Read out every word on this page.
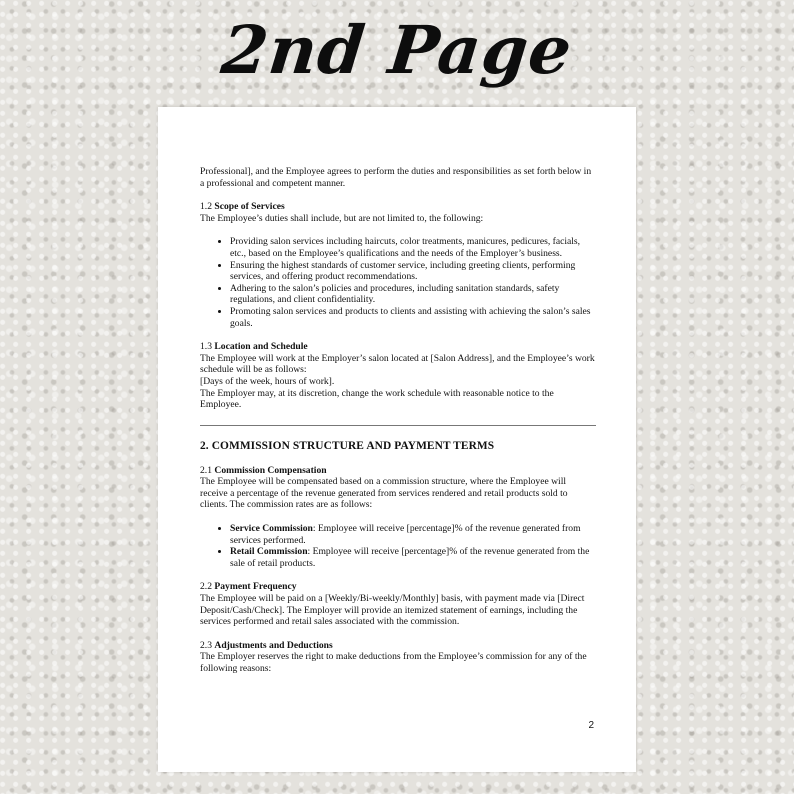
2nd Page

Professional], and the Employee agrees to perform the duties and responsibilities as set forth below in a professional and competent manner.

1.2 Scope of Services

The Employee’s duties shall include, but are not limited to, the following:

• Providing salon services including haircuts, color treatments, manicures, pedicures, facials, etc., based on the Employee’s qualifications and the needs of the Employer’s business.
• Ensuring the highest standards of customer service, including greeting clients, performing services, and offering product recommendations.
• Adhering to the salon’s policies and procedures, including sanitation standards, safety regulations, and client confidentiality.
• Promoting salon services and products to clients and assisting with achieving the salon’s sales goals.

1.3 Location and Schedule

The Employee will work at the Employer’s salon located at [Salon Address], and the Employee’s work schedule will be as follows:

[Days of the week, hours of work].

The Employer may, at its discretion, change the work schedule with reasonable notice to the Employee.

2. COMMISSION STRUCTURE AND PAYMENT TERMS

2.1 Commission Compensation

The Employee will be compensated based on a commission structure, where the Employee will receive a percentage of the revenue generated from services rendered and retail products sold to clients. The commission rates are as follows:

• Service Commission: Employee will receive [percentage]% of the revenue generated from services performed.
• Retail Commission: Employee will receive [percentage]% of the revenue generated from the sale of retail products.

2.2 Payment Frequency

The Employee will be paid on a [Weekly/Bi-weekly/Monthly] basis, with payment made via [Direct Deposit/Cash/Check]. The Employer will provide an itemized statement of earnings, including the services performed and retail sales associated with the commission.

2.3 Adjustments and Deductions

The Employer reserves the right to make deductions from the Employee’s commission for any of the following reasons:

2
